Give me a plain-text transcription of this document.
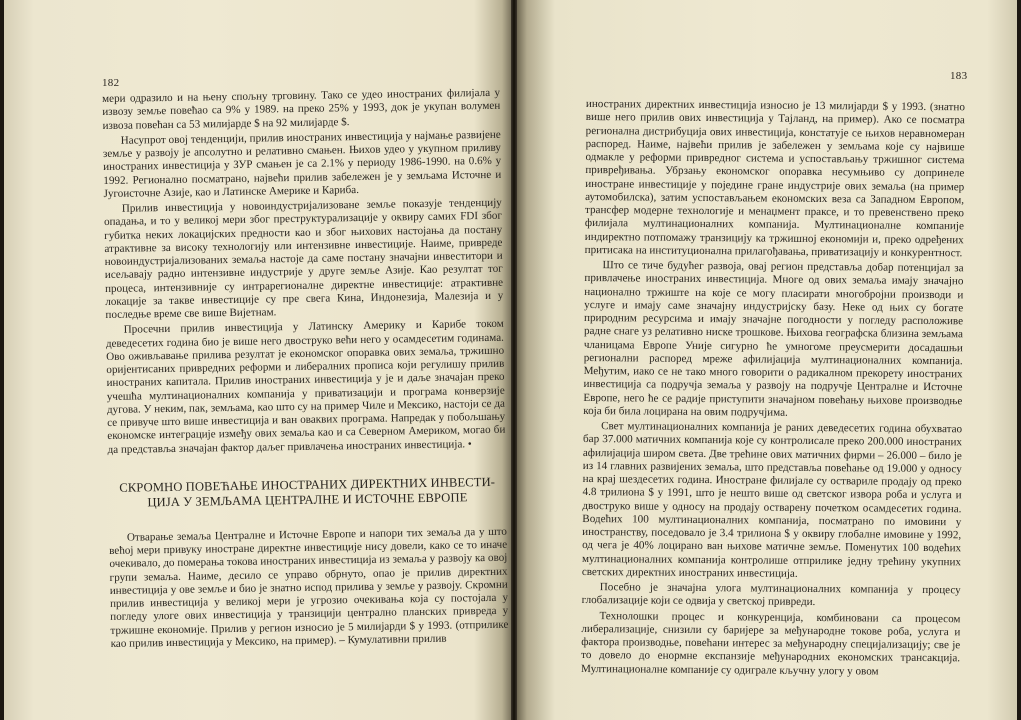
182

мери одразило и на њену спољну трговину. Тако се удео иностраних филијала у извозу земље повећао са 9% у 1989. на преко 25% у 1993, док је укупан волумен извоза повећан са 53 милијарде $ на 92 милијарде $.

Насупрот овој тенденцији, прилив иностраних инвестиција у најмање развијене земље у развоју је апсолутно и релативно смањен. Њихов удео у укупном приливу иностраних инвестиција у ЗУР смањен је са 2.1% у периоду 1986-1990. на 0.6% у 1992. Регионално посматрано, највећи прилив забележен је у земљама Источне и Југоисточне Азије, као и Латинске Америке и Кариба.

Прилив инвестиција у новоиндустријализоване земље показује тенденцију опадања, и то у великој мери због преструктурализације у оквиру самих FDI због губитка неких локацијских предности као и због њихових настојања да постану атрактивне за високу технологију или интензивне инвестиције. Наиме, привреде новоиндустријализованих земаља настоје да саме постану значајни инвеститори и исељавају радно интензивне индустрије у друге земље Азије. Као резултат тог процеса, интензивније су интрарегионалне директне инвестиције: атрактивне локације за такве инвестиције су пре свега Кина, Индонезија, Малезија и у последње време све више Вијетнам.

Просечни прилив инвестиција у Латинску Америку и Карибе током деведесетих година био је више него двоструко већи него у осамдесетим годинама. Ово оживљавање прилива резултат је економског опоравка ових земаља, тржишно оријентисаних привредних реформи и либералних прописа који регулишу прилив иностраних капитала. Прилив иностраних инвестиција у је и даље значајан преко учешћа мултинационалних компанија у приватизацији и програма конверзије дугова. У неким, пак, земљама, као што су на пример Чиле и Мексико, настоји се да се привуче што више инвестиција и ван оваквих програма. Напредак у побољшању економске интеграције између ових земаља као и са Северном Америком, могао би да представља значајан фактор даљег привлачења иностраних инвестиција. •

СКРОМНО ПОВЕЋАЊЕ ИНОСТРАНИХ ДИРЕКТНИХ ИНВЕСТИ-
ЦИЈА У ЗЕМЉАМА ЦЕНТРАЛНЕ И ИСТОЧНЕ ЕВРОПЕ

Отварање земаља Централне и Источне Европе и напори тих земаља да у што већој мери привуку иностране директне инвестиције нису довели, како се то иначе очекивало, до померања токова иностраних инвестиција из земаља у развоју ка овој групи земаља. Наиме, десило се управо обрнуто, опао је прилив директних инвестиција у ове земље и био је знатно испод прилива у земље у развоју. Скромни прилив инвестиција у великој мери је угрозио очекивања која су постојала у погледу улоге ових инвестиција у транзицији централно планских привреда у тржишне економије. Прилив у регион износио је 5 милијарди $ у 1993. (отприлике као прилив инвестиција у Мексико, на пример). – Кумулативни прилив

183

иностраних директних инвестиција износио је 13 милијарди $ у 1993. (знатно више него прилив ових инвестиција у Тајланд, на пример). Ако се посматра регионална дистрибуција ових инвестиција, констатује се њихов неравномеран распоред. Наиме, највећи прилив је забележен у земљама које су највише одмакле у реформи привредног система и успостављању тржишног система привређивања. Убрзању економског опоравка несумњиво су допринеле иностране инвестиције у појединe гране индустрије ових земаља (на пример аутомобилска), затим успостављањем економских веза са Западном Европом, трансфер модерне технологије и менаџмент праксе, и то превенствено преко филијала мултинационалних компанија. Мултинационалне компаније индиректно потпомажу транзицију ка тржишној економији и, преко одређених притисака на институционална прилагођавања, приватизацију и конкурентност.

Што се тиче будућег развоја, овај регион представља добар потенцијал за привлачење иностраних инвестиција. Многе од ових земаља имају значајно национално тржиште на које се могу пласирати многобројни производи и услуге и имају саме значајну индустријску базу. Неке од њих су богате природним ресурсима и имају значајне погодности у погледу расположиве радне снаге уз релативно ниске трошкове. Њихова географска близина земљама чланицама Европе Уније сигурно ће умногоме преусмерити досадашњи регионални распоред мреже афилијација мултинационалних компанија. Међутим, иако се не тако много говорити о радикалном прекорету иностраних инвестиција са подручја земаља у развоју на подручје Централне и Источне Европе, него ће се радије приступити значајном повећању њихове производње која би била лоцирана на овим подручјима.

Свет мултинационалних компанија је раних деведесетих година обухватао бар 37.000 матичних компанија које су контролисале преко 200.000 иностраних афилијација широм света. Две трећине ових матичних фирми – 26.000 – било је из 14 главних развијених земаља, што представља повећање од 19.000 у односу на крај шездесетих година. Иностране филијале су остварилe продају од преко 4.8 трилиона $ у 1991, што је нешто више од светског извора роба и услуга и двоструко више у односу на продају остварену почетком осамдесетих година. Водећих 100 мултинационалних компанија, посматрано по имовини у иностранству, поседовало је 3.4 трилиона $ у оквиру глобалне имовине у 1992, од чега је 40% лоцирано ван њихове матичне земље. Поменутих 100 водећих мултинационалних компанија контролише отприлике једну трећину укупних светских директних иностраних инвестиција.

Посебно је значајна улога мултинационалних компанија у процесу глобализације који се одвија у светској привреди.

Технолошки процес и конкуренција, комбиновани са процесом либерализације, снизили су баријере за међународне токове роба, услуга и фактора производње, повећани интерес за међународну специјализацију; све је то довело до енормне експанзије међународних економских трансакција. Мултинационалне компаније су одиграле кључну улогу у овом
